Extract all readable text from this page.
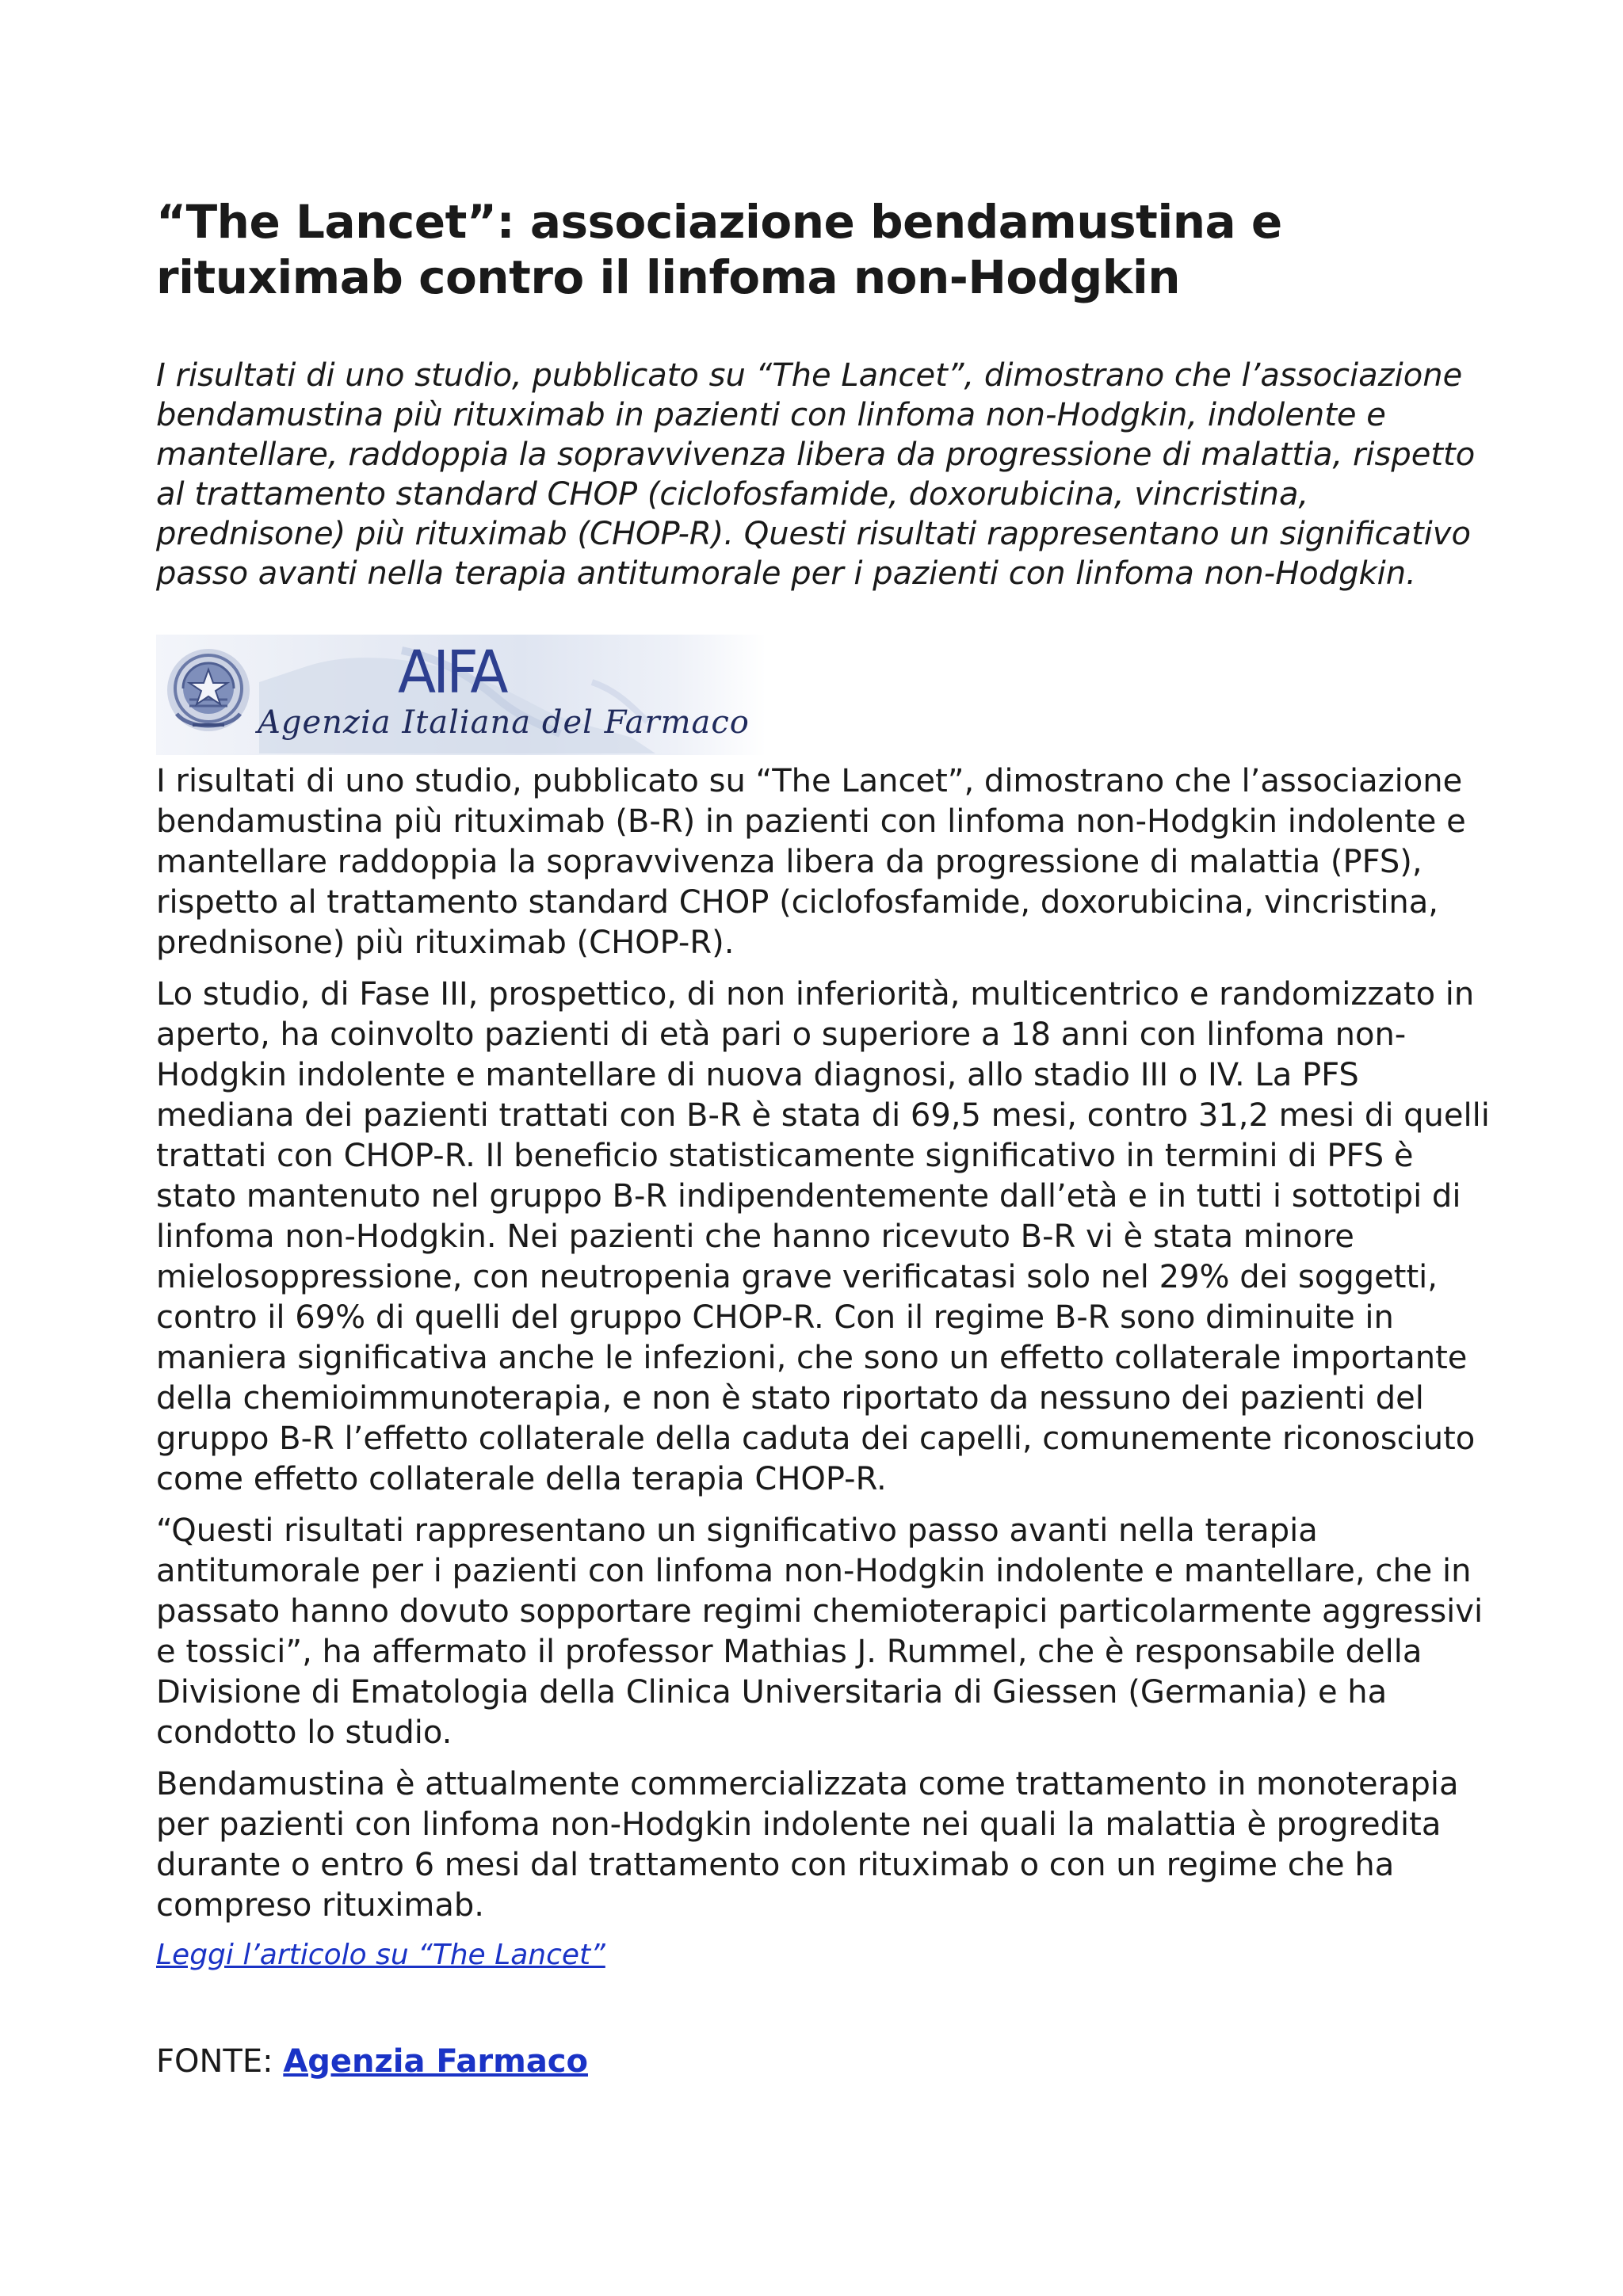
“The Lancet”: associazione bendamustina e rituximab contro il linfoma non-Hodgkin

I risultati di uno studio, pubblicato su “The Lancet”, dimostrano che l’associazione bendamustina più rituximab in pazienti con linfoma non-Hodgkin, indolente e mantellare, raddoppia la sopravvivenza libera da progressione di malattia, rispetto al trattamento standard CHOP (ciclofosfamide, doxorubicina, vincristina, prednisone) più rituximab (CHOP-R). Questi risultati rappresentano un significativo passo avanti nella terapia antitumorale per i pazienti con linfoma non-Hodgkin.

AIFA
Agenzia Italiana del Farmaco

I risultati di uno studio, pubblicato su “The Lancet”, dimostrano che l’associazione bendamustina più rituximab (B-R) in pazienti con linfoma non-Hodgkin indolente e mantellare raddoppia la sopravvivenza libera da progressione di malattia (PFS), rispetto al trattamento standard CHOP (ciclofosfamide, doxorubicina, vincristina, prednisone) più rituximab (CHOP-R).

Lo studio, di Fase III, prospettico, di non inferiorità, multicentrico e randomizzato in aperto, ha coinvolto pazienti di età pari o superiore a 18 anni con linfoma non-Hodgkin indolente e mantellare di nuova diagnosi, allo stadio III o IV. La PFS mediana dei pazienti trattati con B-R è stata di 69,5 mesi, contro 31,2 mesi di quelli trattati con CHOP-R. Il beneficio statisticamente significativo in termini di PFS è stato mantenuto nel gruppo B-R indipendentemente dall’età e in tutti i sottotipi di linfoma non-Hodgkin. Nei pazienti che hanno ricevuto B-R vi è stata minore mielosoppressione, con neutropenia grave verificatasi solo nel 29% dei soggetti, contro il 69% di quelli del gruppo CHOP-R. Con il regime B-R sono diminuite in maniera significativa anche le infezioni, che sono un effetto collaterale importante della chemioimmunoterapia, e non è stato riportato da nessuno dei pazienti del gruppo B-R l’effetto collaterale della caduta dei capelli, comunemente riconosciuto come effetto collaterale della terapia CHOP-R.

“Questi risultati rappresentano un significativo passo avanti nella terapia antitumorale per i pazienti con linfoma non-Hodgkin indolente e mantellare, che in passato hanno dovuto sopportare regimi chemioterapici particolarmente aggressivi e tossici”, ha affermato il professor Mathias J. Rummel, che è responsabile della Divisione di Ematologia della Clinica Universitaria di Giessen (Germania) e ha condotto lo studio.

Bendamustina è attualmente commercializzata come trattamento in monoterapia per pazienti con linfoma non-Hodgkin indolente nei quali la malattia è progredita durante o entro 6 mesi dal trattamento con rituximab o con un regime che ha compreso rituximab.

Leggi l’articolo su “The Lancet”
FONTE: Agenzia Farmaco
